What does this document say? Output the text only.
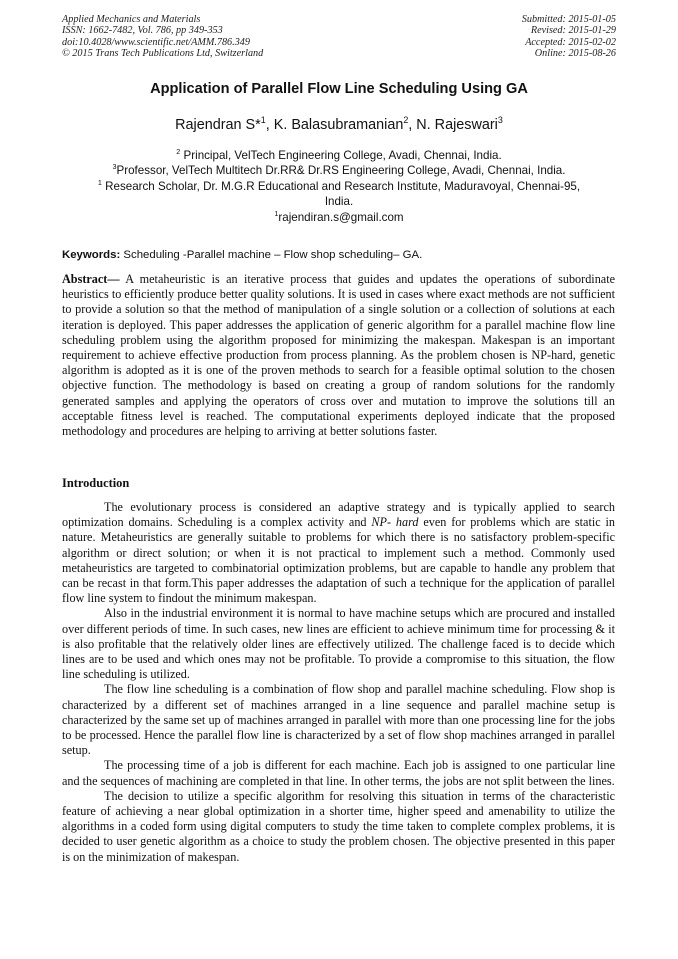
Applied Mechanics and Materials
ISSN: 1662-7482, Vol. 786, pp 349-353
doi:10.4028/www.scientific.net/AMM.786.349
© 2015 Trans Tech Publications Ltd, Switzerland
Submitted: 2015-01-05
Revised: 2015-01-29
Accepted: 2015-02-02
Online: 2015-08-26
Application of Parallel Flow Line Scheduling Using GA
Rajendran S*$^1$, K. Balasubramanian$^2$, N. Rajeswari$^3$
$^2$ Principal, VelTech Engineering College, Avadi, Chennai, India.
$^3$Professor, VelTech Multitech Dr.RR& Dr.RS Engineering College, Avadi, Chennai, India.
$^1$ Research Scholar, Dr. M.G.R Educational and Research Institute, Maduravoyal, Chennai-95,
India.
$^1$rajendiran.s@gmail.com
Keywords: Scheduling -Parallel machine – Flow shop scheduling– GA.
Abstract— A metaheuristic is an iterative process that guides and updates the operations of subordinate heuristics to efficiently produce better quality solutions. It is used in cases where exact methods are not sufficient to provide a solution so that the method of manipulation of a single solution or a collection of solutions at each iteration is deployed. This paper addresses the application of generic algorithm for a parallel machine flow line scheduling problem using the algorithm proposed for minimizing the makespan. Makespan is an important requirement to achieve effective production from process planning. As the problem chosen is NP-hard, genetic algorithm is adopted as it is one of the proven methods to search for a feasible optimal solution to the chosen objective function. The methodology is based on creating a group of random solutions for the randomly generated samples and applying the operators of cross over and mutation to improve the solutions till an acceptable fitness level is reached. The computational experiments deployed indicate that the proposed methodology and procedures are helping to arriving at better solutions faster.
Introduction

The evolutionary process is considered an adaptive strategy and is typically applied to search optimization domains. Scheduling is a complex activity and NP- hard even for problems which are static in nature. Metaheuristics are generally suitable to problems for which there is no satisfactory problem-specific algorithm or direct solution; or when it is not practical to implement such a method. Commonly used metaheuristics are targeted to combinatorial optimization problems, but are capable to handle any problem that can be recast in that form.This paper addresses the adaptation of such a technique for the application of parallel flow line system to findout the minimum makespan.

Also in the industrial environment it is normal to have machine setups which are procured and installed over different periods of time. In such cases, new lines are efficient to achieve minimum time for processing & it is also profitable that the relatively older lines are effectively utilized. The challenge faced is to decide which lines are to be used and which ones may not be profitable. To provide a compromise to this situation, the flow line scheduling is utilized.

The flow line scheduling is a combination of flow shop and parallel machine scheduling. Flow shop is characterized by a different set of machines arranged in a line sequence and parallel machine setup is characterized by the same set up of machines arranged in parallel with more than one processing line for the jobs to be processed. Hence the parallel flow line is characterized by a set of flow shop machines arranged in parallel setup.

The processing time of a job is different for each machine. Each job is assigned to one particular line and the sequences of machining are completed in that line. In other terms, the jobs are not split between the lines.

The decision to utilize a specific algorithm for resolving this situation in terms of the characteristic feature of achieving a near global optimization in a shorter time, higher speed and amenability to utilize the algorithms in a coded form using digital computers to study the time taken to complete complex problems, it is decided to user genetic algorithm as a choice to study the problem chosen. The objective presented in this paper is on the minimization of makespan.
